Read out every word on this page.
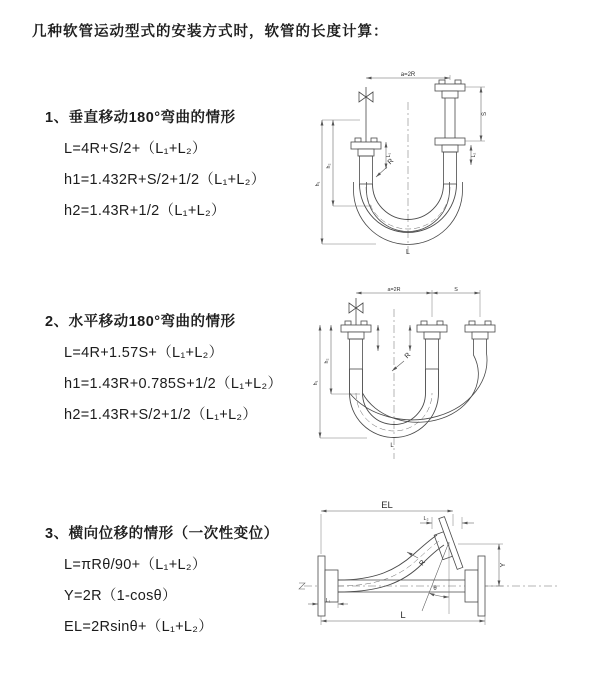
几种软管运动型式的安装方式时，软管的长度计算：
1、垂直移动180°弯曲的情形
L=4R+S/2+（L₁+L₂）
h1=1.432R+S/2+1/2（L₁+L₂）
h2=1.43R+1/2（L₁+L₂）
2、水平移动180°弯曲的情形
L=4R+1.57S+（L₁+L₂）
h1=1.43R+0.785S+1/2（L₁+L₂）
h2=1.43R+S/2+1/2（L₁+L₂）
3、横向位移的情形（一次性变位）
L=πRθ/90+（L₁+L₂）
Y=2R（1-cosθ）
EL=2Rsinθ+（L₁+L₂）
a=2R
h₁
h₂
L₁
S
L₂
R
L
a=2R	S
h₁
h₂
R
L
EL
L₂
Y
L
L₁
R
θ
